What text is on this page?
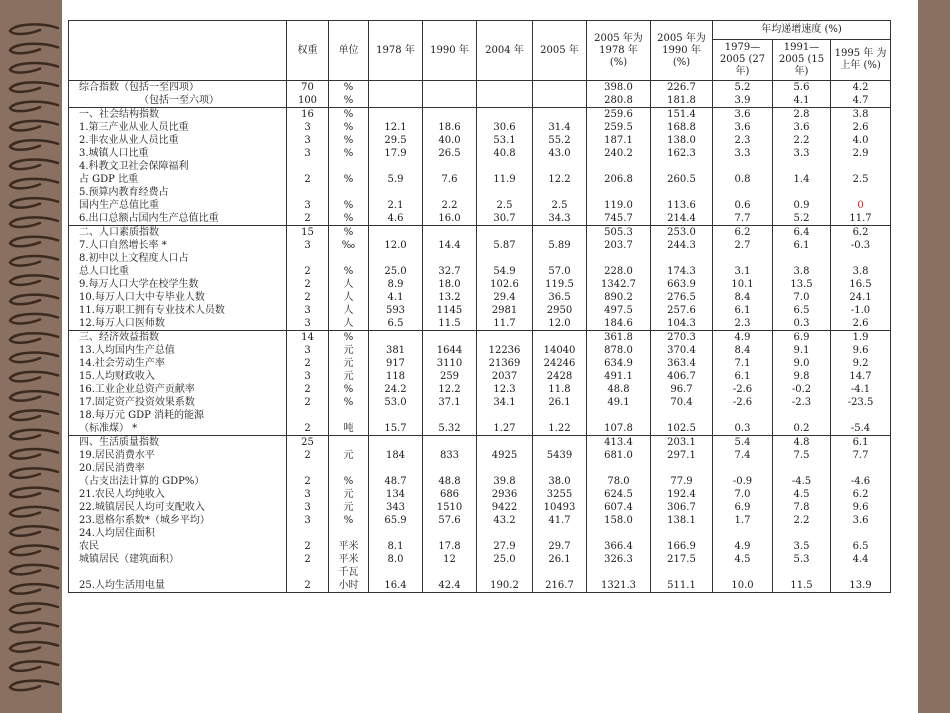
	权重	单位	1978 年	1990 年	2004 年	2005 年	2005 年为 1978 年 (%)	2005 年为 1990 年 (%)	年均递增速度 (%)		
									1979— 2005 (27 年)	1991— 2005 (15 年)	1995 年 为上年 (%)
综合指数（包括一至四项）	70	%					398.0	226.7	5.2	5.6	4.2
（包括一至六项）	100	%					280.8	181.8	3.9	4.1	4.7
一、社会结构指数	16	%					259.6	151.4	3.6	2.8	3.8
1.第三产业从业人员比重	3	%	12.1	18.6	30.6	31.4	259.5	168.8	3.6	3.6	2.6
2.非农业从业人员比重	3	%	29.5	40.0	53.1	55.2	187.1	138.0	2.3	2.2	4.0
3.城镇人口比重	3	%	17.9	26.5	40.8	43.0	240.2	162.3	3.3	3.3	2.9
4.科教文卫社会保障福利											
占 GDP 比重	2	%	5.9	7.6	11.9	12.2	206.8	260.5	0.8	1.4	2.5
5.预算内教育经费占											
国内生产总值比重	3	%	2.1	2.2	2.5	2.5	119.0	113.6	0.6	0.9	0
6.出口总额占国内生产总值比重	2	%	4.6	16.0	30.7	34.3	745.7	214.4	7.7	5.2	11.7
二、人口素质指数	15	%					505.3	253.0	6.2	6.4	6.2
7.人口自然增长率 *	3	‰	12.0	14.4	5.87	5.89	203.7	244.3	2.7	6.1	-0.3
8.初中以上文程度人口占											
总人口比重	2	%	25.0	32.7	54.9	57.0	228.0	174.3	3.1	3.8	3.8
9.每万人口大学在校学生数	2	人	8.9	18.0	102.6	119.5	1342.7	663.9	10.1	13.5	16.5
10.每万人口大中专毕业人数	2	人	4.1	13.2	29.4	36.5	890.2	276.5	8.4	7.0	24.1
11.每万职工拥有专业技术人员数	3	人	593	1145	2981	2950	497.5	257.6	6.1	6.5	-1.0
12.每万人口医师数	3	人	6.5	11.5	11.7	12.0	184.6	104.3	2.3	0.3	2.6
三、经济效益指数	14	%					361.8	270.3	4.9	6.9	1.9
13.人均国内生产总值	3	元	381	1644	12236	14040	878.0	370.4	8.4	9.1	9.6
14.社会劳动生产率	2	元	917	3110	21369	24246	634.9	363.4	7.1	9.0	9.2
15.人均财政收入	3	元	118	259	2037	2428	491.1	406.7	6.1	9.8	14.7
16.工业企业总资产贡献率	2	%	24.2	12.2	12.3	11.8	48.8	96.7	-2.6	-0.2	-4.1
17.固定资产投资效果系数	2	%	53.0	37.1	34.1	26.1	49.1	70.4	-2.6	-2.3	-23.5
18.每万元 GDP 消耗的能源											
（标准煤） *	2	吨	15.7	5.32	1.27	1.22	107.8	102.5	0.3	0.2	-5.4
四、生活质量指数	25						413.4	203.1	5.4	4.8	6.1
19.居民消费水平	2	元	184	833	4925	5439	681.0	297.1	7.4	7.5	7.7
20.居民消费率											
（占支出法计算的 GDP%）	2	%	48.7	48.8	39.8	38.0	78.0	77.9	-0.9	-4.5	-4.6
21.农民人均纯收入	3	元	134	686	2936	3255	624.5	192.4	7.0	4.5	6.2
22.城镇居民人均可支配收入	3	元	343	1510	9422	10493	607.4	306.7	6.9	7.8	9.6
23.恩格尔系数*（城乡平均）	3	%	65.9	57.6	43.2	41.7	158.0	138.1	1.7	2.2	3.6
24.人均居住面积											
农民	2	平米	8.1	17.8	27.9	29.7	366.4	166.9	4.9	3.5	6.5
城镇居民（建筑面积）	2	平米	8.0	12	25.0	26.1	326.3	217.5	4.5	5.3	4.4
		千瓦									
25.人均生活用电量	2	小时	16.4	42.4	190.2	216.7	1321.3	511.1	10.0	11.5	13.9
